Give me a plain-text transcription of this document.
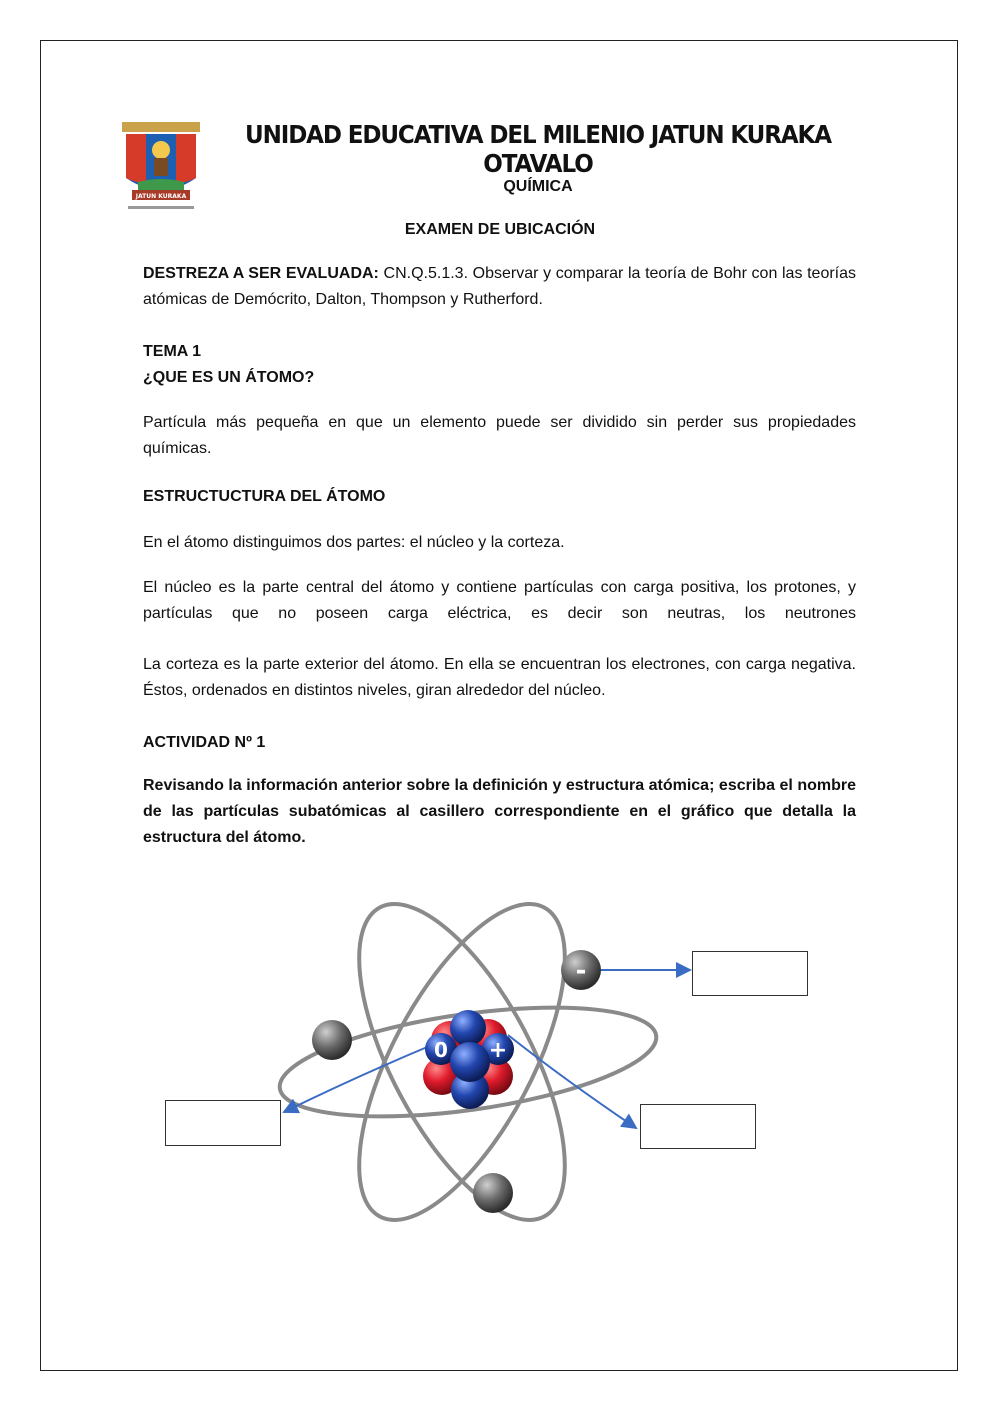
JATUN KURAKA
UNIDAD EDUCATIVA DEL MILENIO JATUN KURAKA OTAVALO
QUÍMICA
EXAMEN DE UBICACIÓN
DESTREZA A SER EVALUADA: CN.Q.5.1.3. Observar y comparar la teoría de Bohr con las teorías atómicas de Demócrito, Dalton, Thompson y Rutherford.
TEMA 1
¿QUE ES UN ÁTOMO?
Partícula más pequeña en que un elemento puede ser dividido sin perder sus propiedades químicas.
ESTRUCTUCTURA DEL ÁTOMO
En el átomo distinguimos dos partes: el núcleo y la corteza.
El núcleo es la parte central del átomo y contiene partículas con carga positiva, los protones, y partículas que no poseen carga eléctrica, es decir son neutras, los neutrones
La corteza es la parte exterior del átomo. En ella se encuentran los electrones, con carga negativa. Éstos, ordenados en distintos niveles, giran alrededor del núcleo.
ACTIVIDAD Nº 1
Revisando la información anterior sobre la definición y estructura atómica; escriba el nombre de las partículas subatómicas al casillero correspondiente en el gráfico que detalla la estructura del átomo.
-
0 +
